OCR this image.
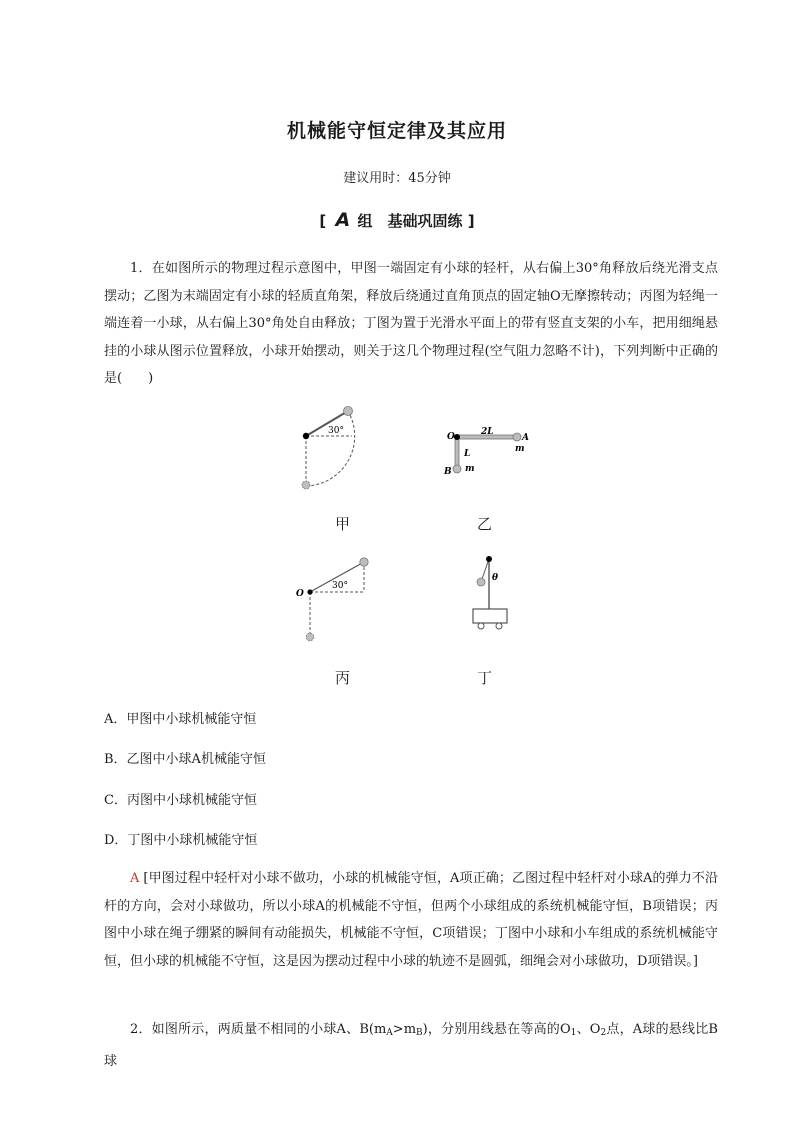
机械能守恒定律及其应用
建议用时：45分钟
[ A 组　基础巩固练 ]
1．在如图所示的物理过程示意图中，甲图一端固定有小球的轻杆，从右偏上30°角释放后绕光滑支点摆动；乙图为末端固定有小球的轻质直角架，释放后绕通过直角顶点的固定轴O无摩擦转动；丙图为轻绳一端连着一小球，从右偏上30°角处自由释放；丁图为置于光滑水平面上的带有竖直支架的小车，把用细绳悬挂的小球从图示位置释放，小球开始摆动，则关于这几个物理过程(空气阻力忽略不计)，下列判断中正确的是(　　)
30°
甲
O	2L
A
m
L
B m
乙
O
30°
丙
θ
丁
A．甲图中小球机械能守恒
B．乙图中小球A机械能守恒
C．丙图中小球机械能守恒
D．丁图中小球机械能守恒
A [甲图过程中轻杆对小球不做功，小球的机械能守恒，A项正确；乙图过程中轻杆对小球A的弹力不沿杆的方向，会对小球做功，所以小球A的机械能不守恒，但两个小球组成的系统机械能守恒，B项错误；丙图中小球在绳子绷紧的瞬间有动能损失，机械能不守恒，C项错误；丁图中小球和小车组成的系统机械能守恒，但小球的机械能不守恒，这是因为摆动过程中小球的轨迹不是圆弧，细绳会对小球做功，D项错误。]
2．如图所示，两质量不相同的小球A、$B(m_A>m_B)$，分别用线悬在等高的$O_1$、$O_2$点，A球的悬线比B球
